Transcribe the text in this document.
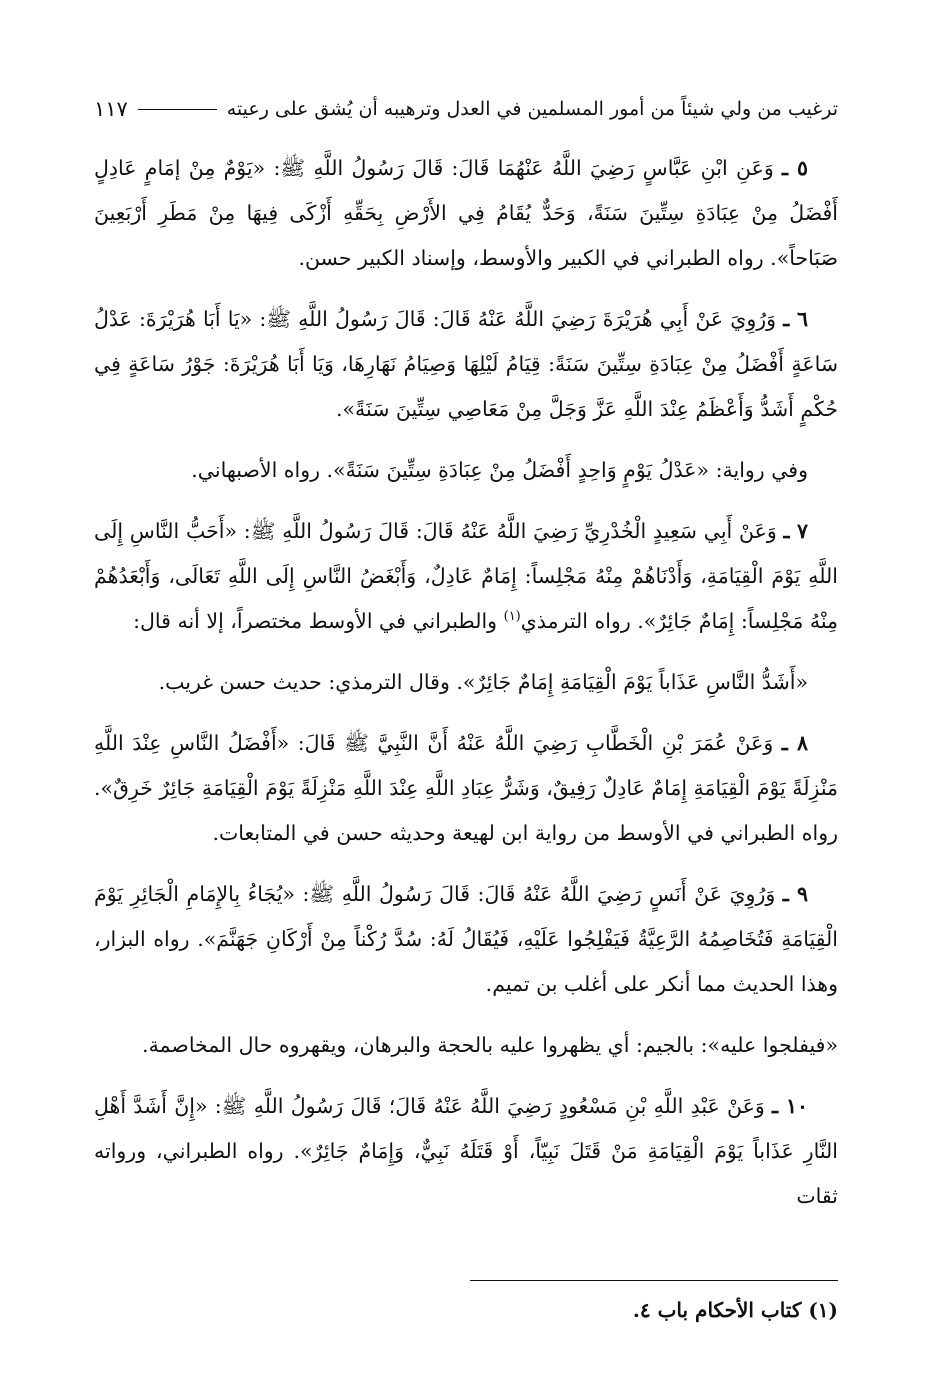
ترغيب من ولي شيئاً من أمور المسلمين في العدل وترهيبه أن يُشق على رعيته
١١٧

٥ ـ وَعَنِ ابْنِ عَبَّاسٍ رَضِيَ اللَّهُ عَنْهُمَا قَالَ: قَالَ رَسُولُ اللَّهِ ﷺ: «يَوْمٌ مِنْ إمَامٍ عَادِلٍ أَفْضَلُ مِنْ عِبَادَةِ سِتِّينَ سَنَةً، وَحَدٌّ يُقَامُ فِي الأَرْضِ بِحَقِّهِ أَزْكَى فِيهَا مِنْ مَطَرِ أَرْبَعِينَ صَبَاحاً». رواه الطبراني في الكبير والأوسط، وإسناد الكبير حسن.

٦ ـ وَرُوِيَ عَنْ أَبِي هُرَيْرَةَ رَضِيَ اللَّهُ عَنْهُ قَالَ: قَالَ رَسُولُ اللَّهِ ﷺ: «يَا أَبَا هُرَيْرَةَ: عَدْلُ سَاعَةٍ أَفْضَلُ مِنْ عِبَادَةِ سِتِّينَ سَنَةً: قِيَامُ لَيْلِهَا وَصِيَامُ نَهَارِهَا، وَيَا أَبَا هُرَيْرَةَ: جَوْرُ سَاعَةٍ فِي حُكْمٍ أَشَدُّ وَأَعْظَمُ عِنْدَ اللَّهِ عَزَّ وَجَلَّ مِنْ مَعَاصِي سِتِّينَ سَنَةً».

وفي رواية: «عَدْلُ يَوْمٍ وَاحِدٍ أَفْضَلُ مِنْ عِبَادَةِ سِتِّينَ سَنَةً». رواه الأصبهاني.

٧ ـ وَعَنْ أَبِي سَعِيدٍ الْخُدْرِيِّ رَضِيَ اللَّهُ عَنْهُ قَالَ: قَالَ رَسُولُ اللَّهِ ﷺ: «أَحَبُّ النَّاسِ إِلَى اللَّهِ يَوْمَ الْقِيَامَةِ، وَأَدْنَاهُمْ مِنْهُ مَجْلِساً: إِمَامٌ عَادِلٌ، وَأَبْغَضُ النَّاسِ إِلَى اللَّهِ تَعَالَى، وَأَبْعَدُهُمْ مِنْهُ مَجْلِساً: إِمَامٌ جَائِرٌ». رواه الترمذي$^{(١)}$ والطبراني في الأوسط مختصراً، إلا أنه قال:

«أَشَدُّ النَّاسِ عَذَاباً يَوْمَ الْقِيَامَةِ إِمَامٌ جَائِرٌ». وقال الترمذي: حديث حسن غريب.

٨ ـ وَعَنْ عُمَرَ بْنِ الْخَطَّابِ رَضِيَ اللَّهُ عَنْهُ أَنَّ النَّبِيَّ ﷺ قَالَ: «أَفْضَلُ النَّاسِ عِنْدَ اللَّهِ مَنْزِلَةً يَوْمَ الْقِيَامَةِ إِمَامٌ عَادِلٌ رَفِيقٌ، وَشَرُّ عِبَادِ اللَّهِ عِنْدَ اللَّهِ مَنْزِلَةً يَوْمَ الْقِيَامَةِ جَائِرٌ خَرِقٌ». رواه الطبراني في الأوسط من رواية ابن لهيعة وحديثه حسن في المتابعات.

٩ ـ وَرُوِيَ عَنْ أَنَسٍ رَضِيَ اللَّهُ عَنْهُ قَالَ: قَالَ رَسُولُ اللَّهِ ﷺ: «يُجَاءُ بِالإِمَامِ الْجَائِرِ يَوْمَ الْقِيَامَةِ فَتُخَاصِمُهُ الرَّعِيَّةُ فَيَفْلِجُوا عَلَيْهِ، فَيُقَالُ لَهُ: سُدَّ رُكْناً مِنْ أَرْكَانِ جَهَنَّمَ». رواه البزار، وهذا الحديث مما أنكر على أغلب بن تميم.

«فيفلجوا عليه»: بالجيم: أي يظهروا عليه بالحجة والبرهان، ويقهروه حال المخاصمة.

١٠ ـ وَعَنْ عَبْدِ اللَّهِ بْنِ مَسْعُودٍ رَضِيَ اللَّهُ عَنْهُ قَالَ؛ قَالَ رَسُولُ اللَّهِ ﷺ: «إِنَّ أَشَدَّ أَهْلِ النَّارِ عَذَاباً يَوْمَ الْقِيَامَةِ مَنْ قَتَلَ نَبِيّاً، أَوْ قَتَلَهُ نَبِيٌّ، وَإِمَامٌ جَائِرٌ». رواه الطبراني، ورواته ثقات

(١) كتاب الأحكام باب ٤.
